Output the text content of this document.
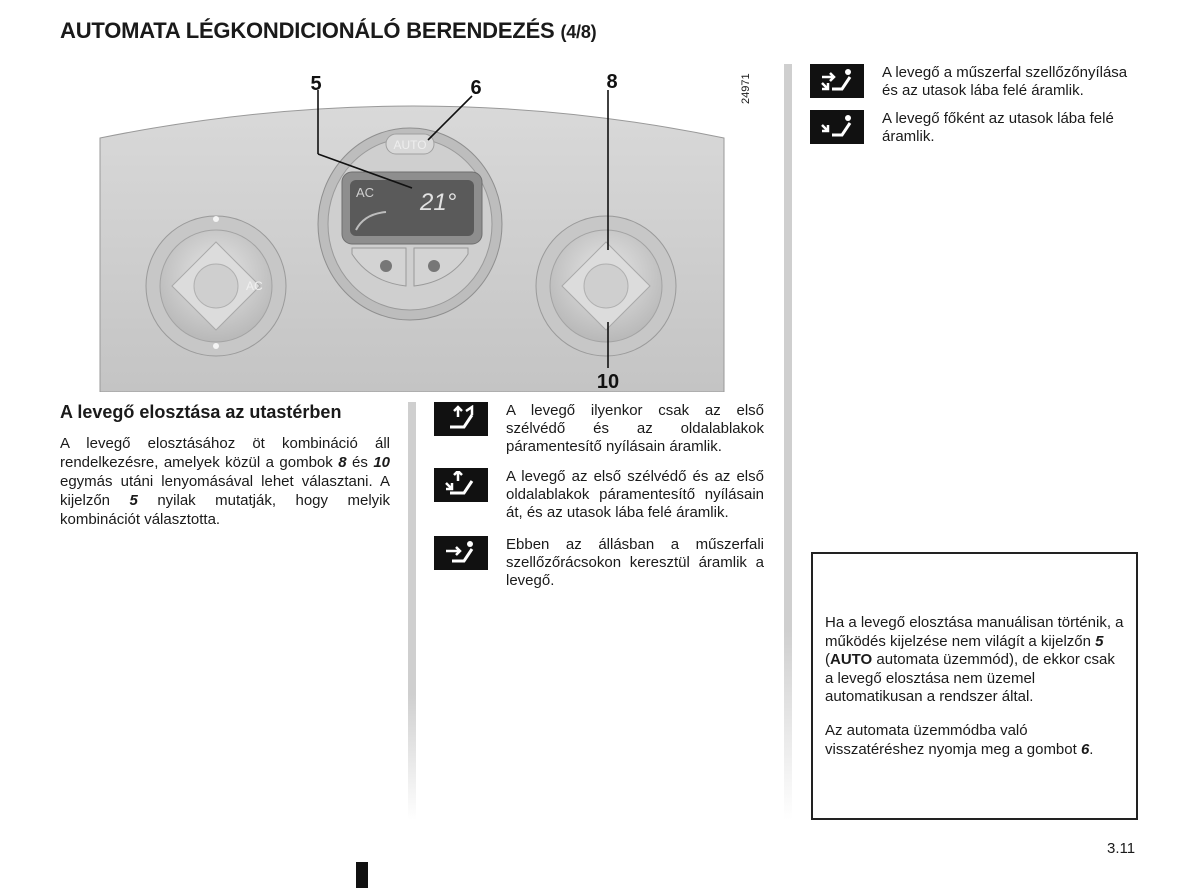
AUTOMATA LÉGKONDICIONÁLÓ BERENDEZÉS (4/8)
AUTO
AC 21°
AC
5	6	8
10
24971
A levegő elosztása az utastérben
A levegő elosztásához öt kombináció áll rendelkezésre, amelyek közül a gombok 8 és 10 egymás utáni lenyomásával lehet választani. A kijelzőn 5 nyilak mutatják, hogy melyik kombinációt választotta.
A levegő ilyenkor csak az első szélvédő és az oldalablakok páramentesítő nyílásain áramlik.
A levegő az első szélvédő és az első oldalablakok páramentesítő nyílásain át, és az utasok lába felé áramlik.
Ebben az állásban a műszerfali szellőzőrácsokon keresztül áramlik a levegő.
A levegő a műszerfal szellőzőnyílása és az utasok lába felé áramlik.
A levegő főként az utasok lába felé áramlik.
Ha a levegő elosztása manuálisan történik, a működés kijelzése nem világít a kijelzőn 5 (AUTO automata üzemmód), de ekkor csak a levegő elosztása nem üzemel automatikusan a rendszer által.
Az automata üzemmódba való visszatéréshez nyomja meg a gombot 6.
3.11
